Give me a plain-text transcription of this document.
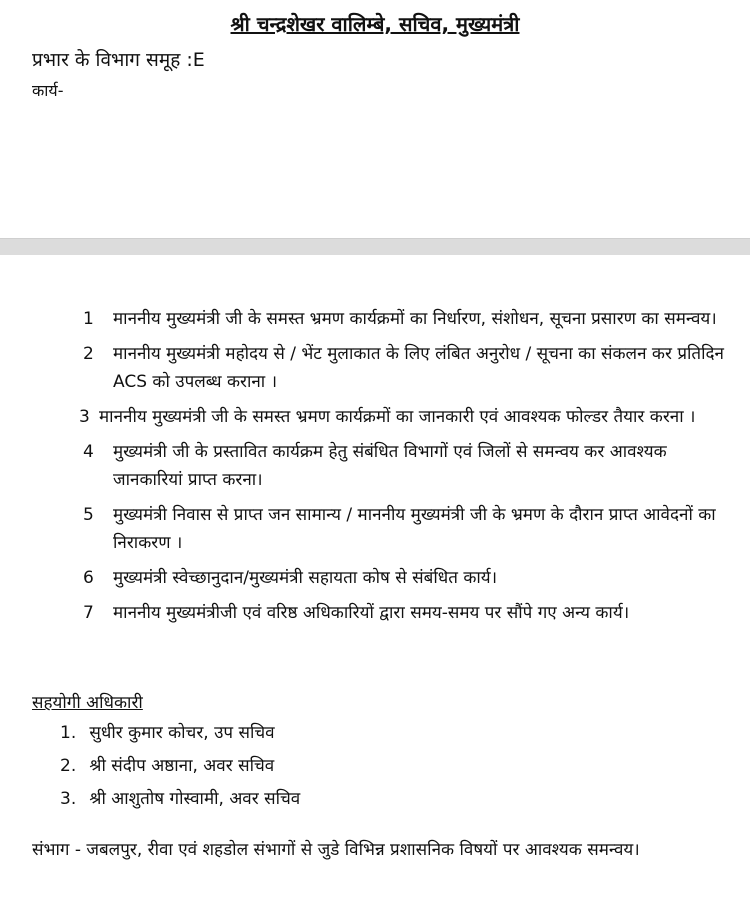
श्री चन्द्रशेखर वालिम्बे, सचिव, मुख्यमंत्री
प्रभार के विभाग समूह :E
कार्य-
1	माननीय मुख्यमंत्री जी के समस्त भ्रमण कार्यक्रमों का निर्धारण, संशोधन, सूचना प्रसारण का समन्वय।
2	माननीय मुख्यमंत्री महोदय से / भेंट मुलाकात के लिए लंबित अनुरोध / सूचना का संकलन कर प्रतिदिन ACS को उपलब्ध कराना ।
3 माननीय मुख्यमंत्री जी के समस्त भ्रमण कार्यक्रमों का जानकारी एवं आवश्यक फोल्डर तैयार करना ।
4	मुख्यमंत्री जी के प्रस्तावित कार्यक्रम हेतु संबंधित विभागों एवं जिलों से समन्वय कर आवश्यक जानकारियां प्राप्त करना।
5	मुख्यमंत्री निवास से प्राप्त जन सामान्य / माननीय मुख्यमंत्री जी के भ्रमण के दौरान प्राप्त आवेदनों का निराकरण ।
6	मुख्यमंत्री स्वेच्छानुदान/मुख्यमंत्री सहायता कोष से संबंधित कार्य।
7	माननीय मुख्यमंत्रीजी एवं वरिष्ठ अधिकारियों द्वारा समय-समय पर सौंपे गए अन्य कार्य।
सहयोगी अधिकारी
1. सुधीर कुमार कोचर, उप सचिव
2. श्री संदीप अष्ठाना, अवर सचिव
3. श्री आशुतोष गोस्वामी, अवर सचिव
संभाग - जबलपुर, रीवा एवं शहडोल संभागों से जुडे विभिन्न प्रशासनिक विषयों पर आवश्यक समन्वय।
